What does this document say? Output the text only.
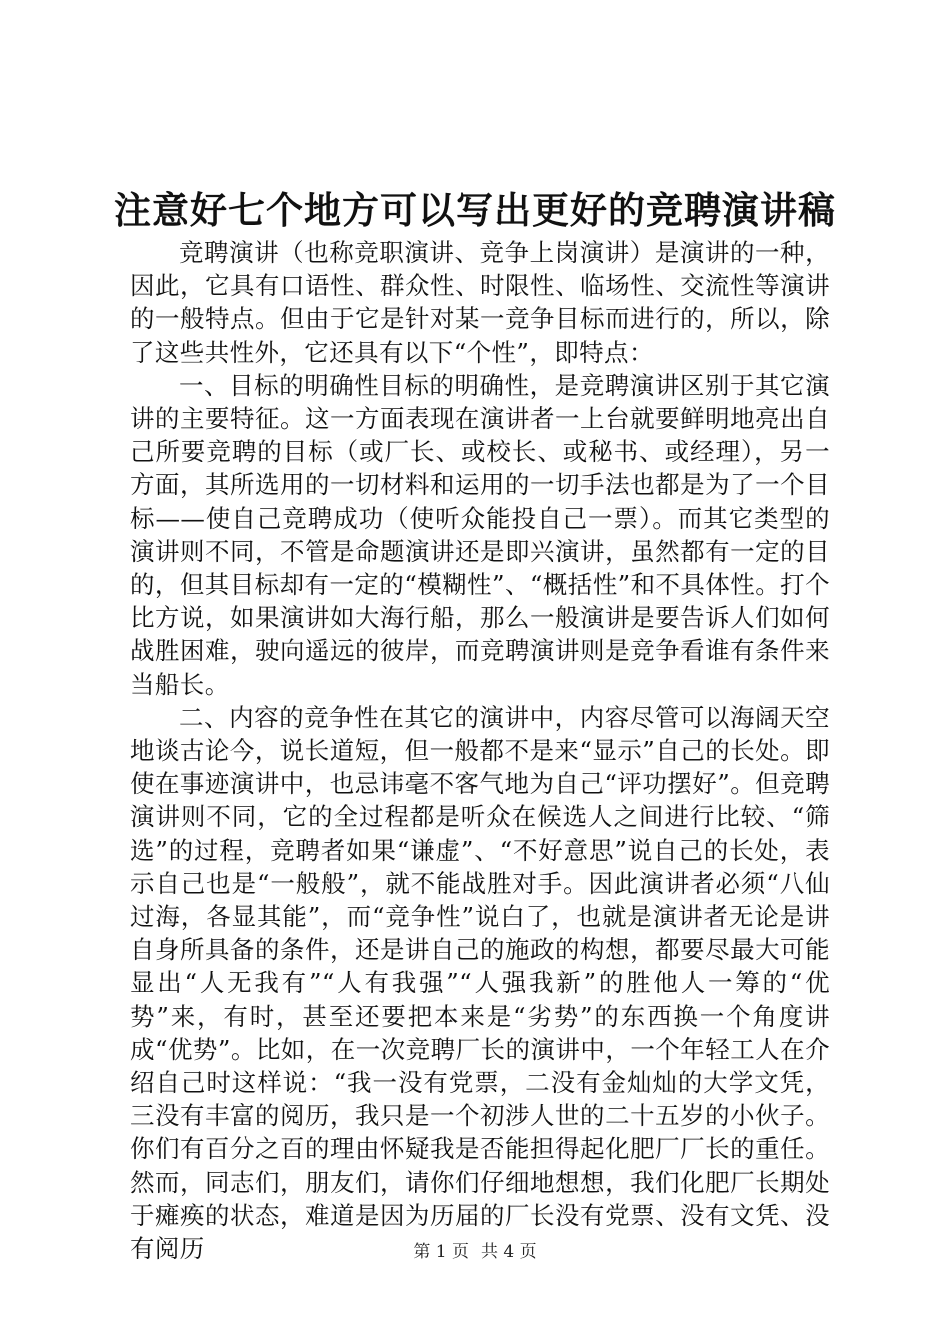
注意好七个地方可以写出更好的竞聘演讲稿

竞聘演讲（也称竞职演讲、竞争上岗演讲）是演讲的一种，因此，它具有口语性、群众性、时限性、临场性、交流性等演讲的一般特点。但由于它是针对某一竞争目标而进行的，所以，除了这些共性外，它还具有以下“个性”，即特点：

一、目标的明确性目标的明确性，是竞聘演讲区别于其它演讲的主要特征。这一方面表现在演讲者一上台就要鲜明地亮出自己所要竞聘的目标（或厂长、或校长、或秘书、或经理），另一方面，其所选用的一切材料和运用的一切手法也都是为了一个目标——使自己竞聘成功（使听众能投自己一票）。而其它类型的演讲则不同，不管是命题演讲还是即兴演讲，虽然都有一定的目的，但其目标却有一定的“模糊性”、“概括性”和不具体性。打个比方说，如果演讲如大海行船，那么一般演讲是要告诉人们如何战胜困难，驶向遥远的彼岸，而竞聘演讲则是竞争看谁有条件来当船长。

二、内容的竞争性在其它的演讲中，内容尽管可以海阔天空地谈古论今，说长道短，但一般都不是来“显示”自己的长处。即使在事迹演讲中，也忌讳毫不客气地为自己“评功摆好”。但竞聘演讲则不同，它的全过程都是听众在候选人之间进行比较、“筛选”的过程，竞聘者如果“谦虚”、“不好意思”说自己的长处，表示自己也是“一般般”，就不能战胜对手。因此演讲者必须“八仙过海，各显其能”，而“竞争性”说白了，也就是演讲者无论是讲自身所具备的条件，还是讲自己的施政的构想，都要尽最大可能显出“人无我有”“人有我强”“人强我新”的胜他人一筹的“优势”来，有时，甚至还要把本来是“劣势”的东西换一个角度讲成“优势”。比如，在一次竞聘厂长的演讲中，一个年轻工人在介绍自己时这样说：“我一没有党票，二没有金灿灿的大学文凭，三没有丰富的阅历，我只是一个初涉人世的二十五岁的小伙子。你们有百分之百的理由怀疑我是否能担得起化肥厂厂长的重任。然而，同志们，朋友们，请你们仔细地想想，我们化肥厂长期处于瘫痪的状态，难道是因为历届的厂长没有党票、没有文凭、没有阅历	第 1 页 共 4 页
